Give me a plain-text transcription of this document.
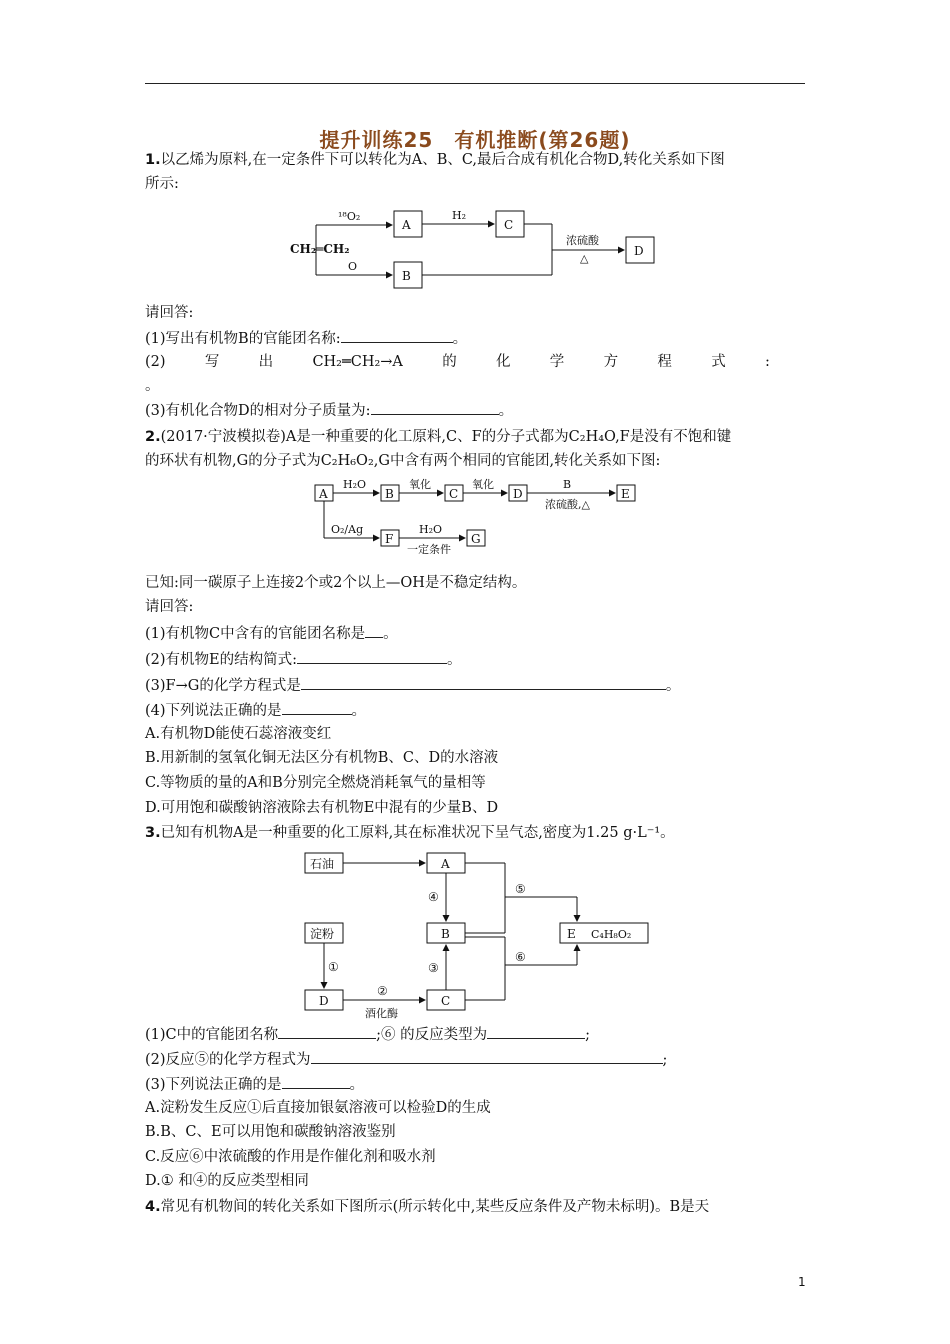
提升训练25　有机推断(第26题)
1.以乙烯为原料,在一定条件下可以转化为A、B、C,最后合成有机化合物D,转化关系如下图
所示:
CH₂═CH₂
¹⁸O₂
O
A
B
H₂
C
浓硫酸
△
D
请回答:
(1)写出有机物B的官能团名称:	。
(2)	写	出	CH₂═CH₂→A	的	化	学	方	程	式	:
。
(3)有机化合物D的相对分子质量为:	。
2.(2017·宁波模拟卷)A是一种重要的化工原料,C、F的分子式都为C₂H₄O,F是没有不饱和键
的环状有机物,G的分子式为C₂H₆O₂,G中含有两个相同的官能团,转化关系如下图:
A
H₂O
B
氧化
C
氧化
D
B
浓硫酸,△
E
O₂/Ag
F
H₂O
一定条件
G
已知:同一碳原子上连接2个或2个以上—OH是不稳定结构。
请回答:
(1)有机物C中含有的官能团名称是 。
(2)有机物E的结构简式:	。
(3)F→G的化学方程式是	。
(4)下列说法正确的是	。
A.有机物D能使石蕊溶液变红
B.用新制的氢氧化铜无法区分有机物B、C、D的水溶液
C.等物质的量的A和B分别完全燃烧消耗氧气的量相等
D.可用饱和碳酸钠溶液除去有机物E中混有的少量B、D
3.已知有机物A是一种重要的化工原料,其在标准状况下呈气态,密度为1.25 g·L⁻¹。
石油	A
④
B
⑤
E C₄H₈O₂
淀粉
①
D
②
酒化酶
C
③
⑥
(1)C中的官能团名称	;⑥ 的反应类型为	;
(2)反应⑤的化学方程式为	;
(3)下列说法正确的是	。
A.淀粉发生反应①后直接加银氨溶液可以检验D的生成
B.B、C、E可以用饱和碳酸钠溶液鉴别
C.反应⑥中浓硫酸的作用是作催化剂和吸水剂
D.① 和④的反应类型相同
4.常见有机物间的转化关系如下图所示(所示转化中,某些反应条件及产物未标明)。B是天
1
